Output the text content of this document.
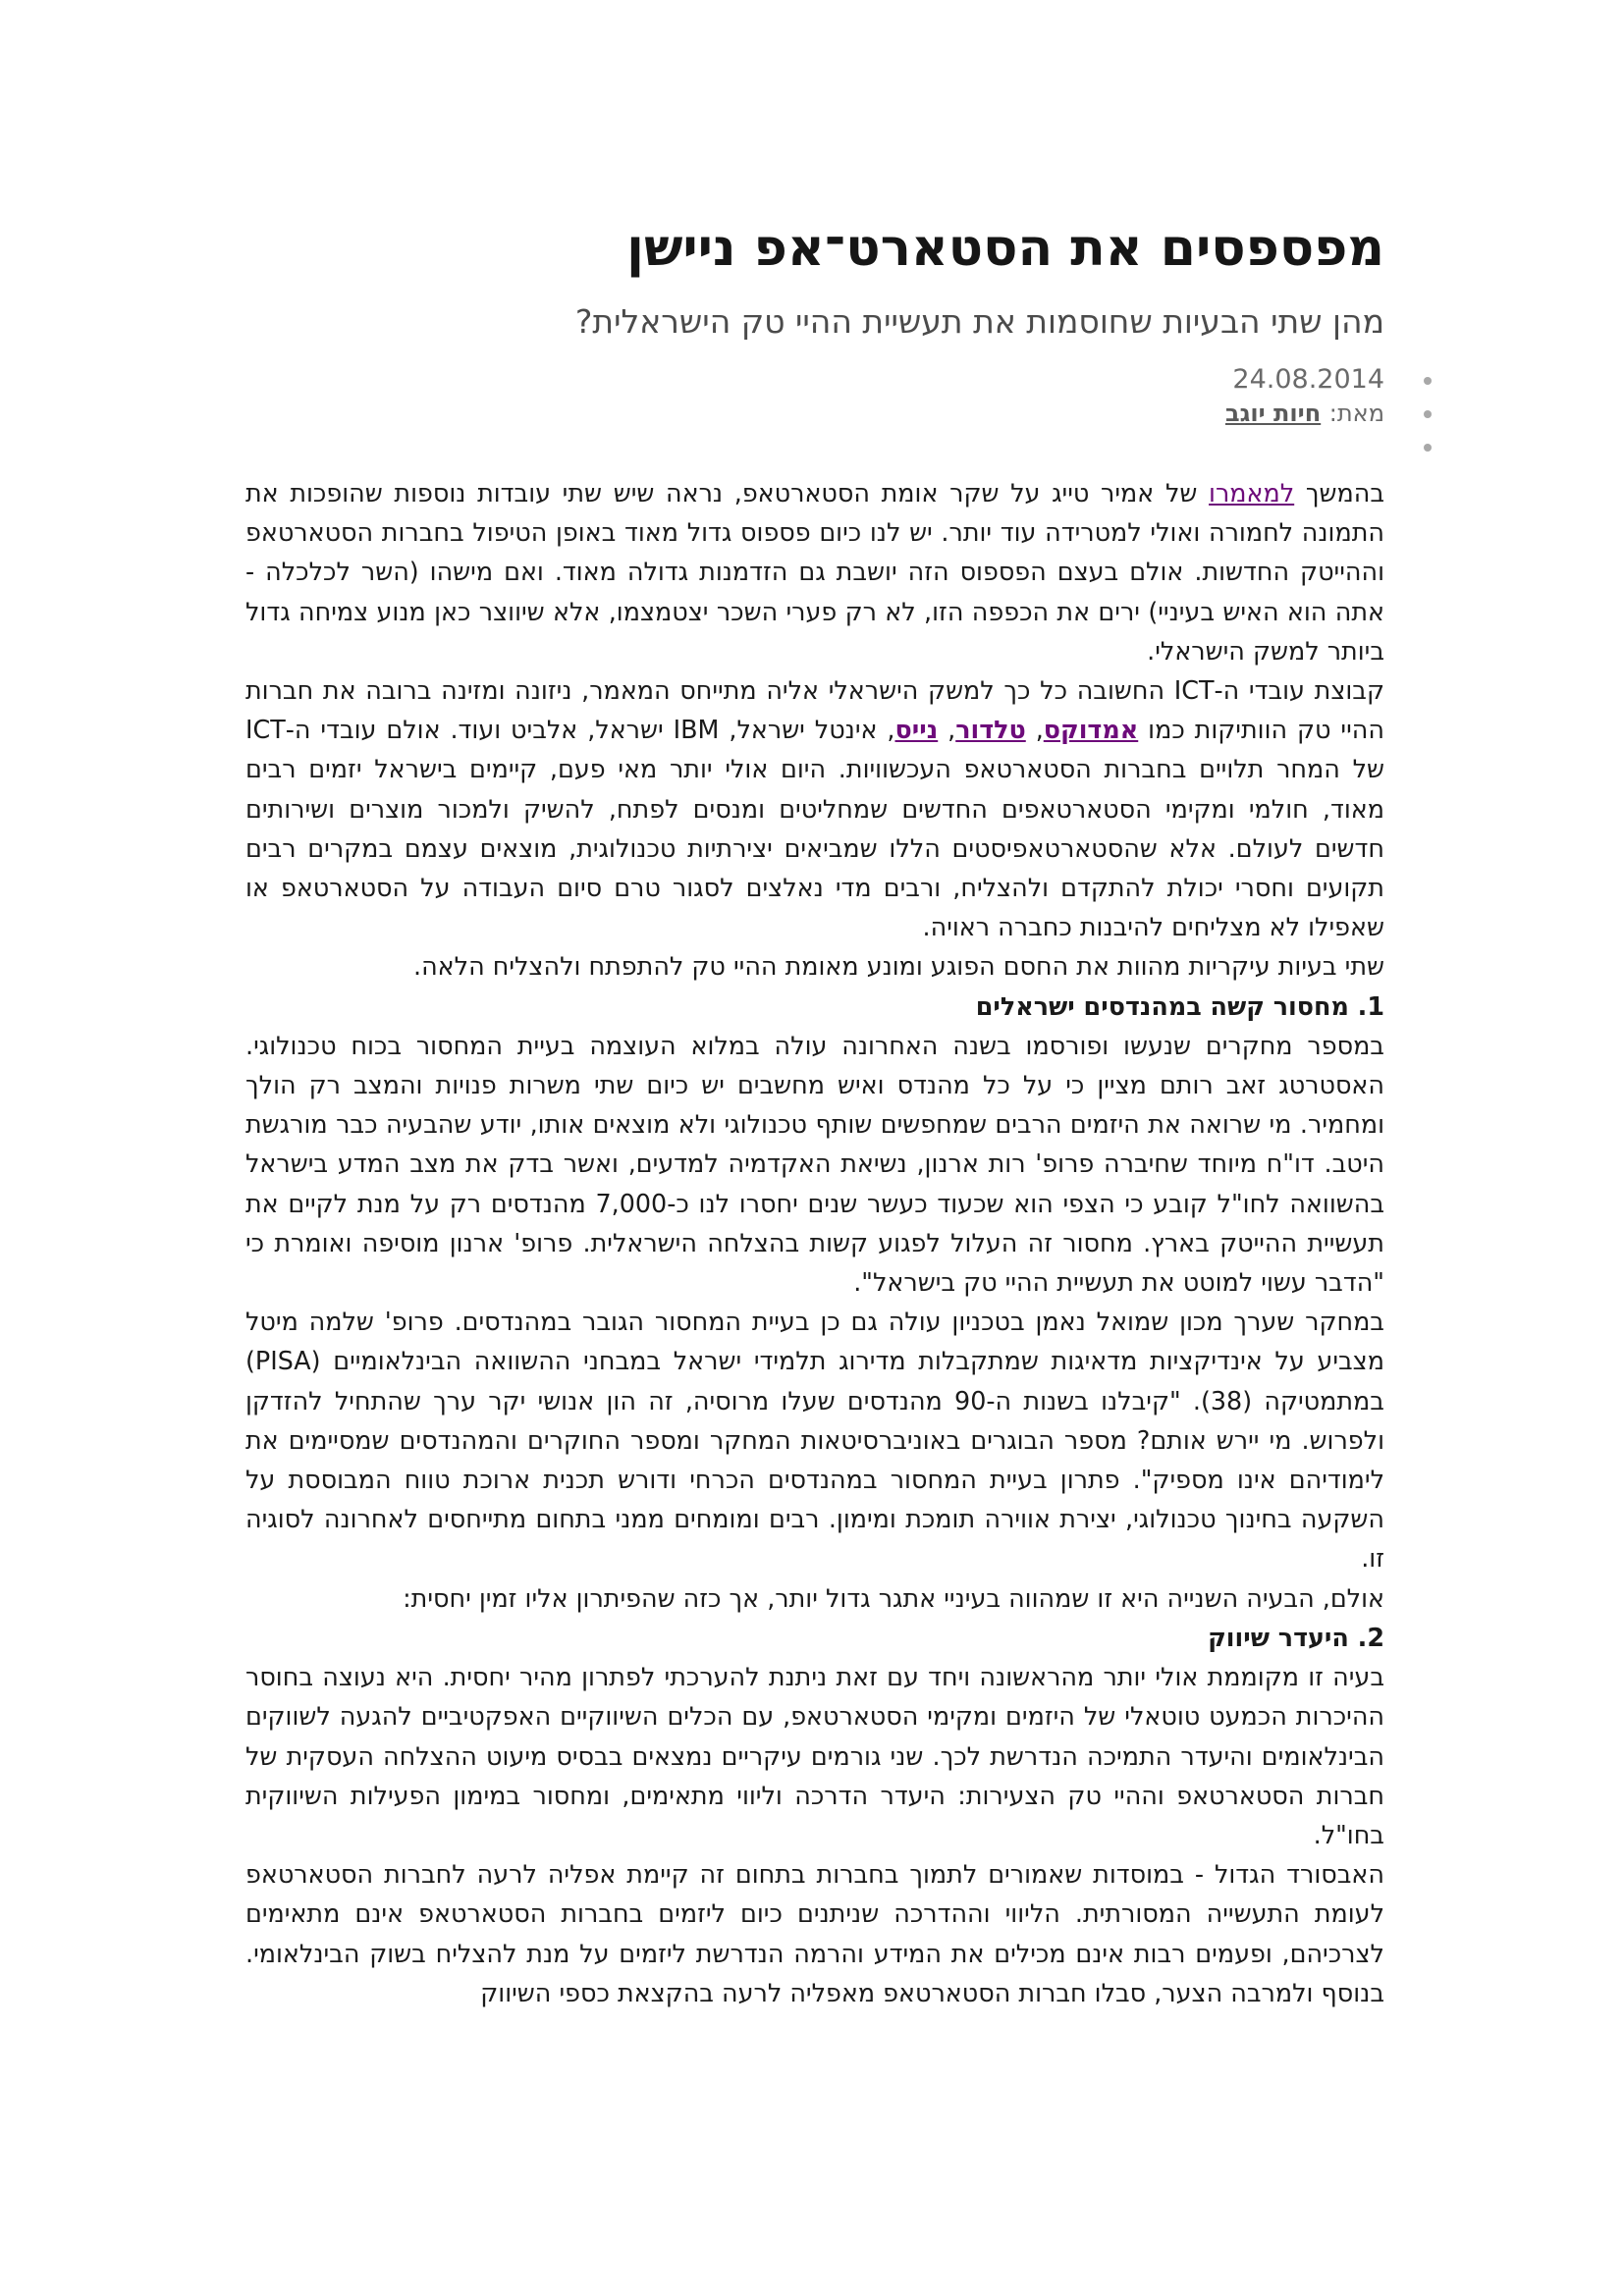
מפספסים את הסטארט־אפ ניישן
מהן שתי הבעיות שחוסמות את תעשיית ההיי טק הישראלית?
24.08.2014
מאת: חיות יוגב

בהמשך למאמרו של אמיר טייג על שקר אומת הסטארטאפ, נראה שיש שתי עובדות נוספות שהופכות את התמונה לחמורה ואולי למטרידה עוד יותר. יש לנו כיום פספוס גדול מאוד באופן הטיפול בחברות הסטארטאפ וההייטק החדשות. אולם בעצם הפספוס הזה יושבת גם הזדמנות גדולה מאוד. ואם מישהו (השר לכלכלה - אתה הוא האיש בעיניי) ירים את הכפפה הזו, לא רק פערי השכר יצטמצמו, אלא שיווצר כאן מנוע צמיחה גדול ביותר למשק הישראלי.

קבוצת עובדי ה-ICT החשובה כל כך למשק הישראלי אליה מתייחס המאמר, ניזונה ומזינה ברובה את חברות ההיי טק הוותיקות כמו אמדוקס, טלדור, נייס, אינטל ישראל, IBM ישראל, אלביט ועוד. אולם עובדי ה-ICT של המחר תלויים בחברות הסטארטאפ העכשוויות. היום אולי יותר מאי פעם, קיימים בישראל יזמים רבים מאוד, חולמי ומקימי הסטארטאפים החדשים שמחליטים ומנסים לפתח, להשיק ולמכור מוצרים ושירותים חדשים לעולם. אלא שהסטארטאפיסטים הללו שמביאים יצירתיות טכנולוגית, מוצאים עצמם במקרים רבים תקועים וחסרי יכולת להתקדם ולהצליח, ורבים מדי נאלצים לסגור טרם סיום העבודה על הסטארטאפ או שאפילו לא מצליחים להיבנות כחברה ראויה.

שתי בעיות עיקריות מהוות את החסם הפוגע ומונע מאומת ההיי טק להתפתח ולהצליח הלאה.

1. מחסור קשה במהנדסים ישראלים

במספר מחקרים שנעשו ופורסמו בשנה האחרונה עולה במלוא העוצמה בעיית המחסור בכוח טכנולוגי. האסטרטג זאב רותם מציין כי על כל מהנדס ואיש מחשבים יש כיום שתי משרות פנויות והמצב רק הולך ומחמיר. מי שרואה את היזמים הרבים שמחפשים שותף טכנולוגי ולא מוצאים אותו, יודע שהבעיה כבר מורגשת היטב. דו"ח מיוחד שחיברה פרופ' רות ארנון, נשיאת האקדמיה למדעים, ואשר בדק את מצב המדע בישראל בהשוואה לחו"ל קובע כי הצפי הוא שכעוד כעשר שנים יחסרו לנו כ-7,000 מהנדסים רק על מנת לקיים את תעשיית ההייטק בארץ. מחסור זה העלול לפגוע קשות בהצלחה הישראלית. פרופ' ארנון מוסיפה ואומרת כי "הדבר עשוי למוטט את תעשיית ההיי טק בישראל".

במחקר שערך מכון שמואל נאמן בטכניון עולה גם כן בעיית המחסור הגובר במהנדסים. פרופ' שלמה מיטל מצביע על אינדיקציות מדאיגות שמתקבלות מדירוג תלמידי ישראל במבחני ההשוואה הבינלאומיים (PISA) במתמטיקה (38). "קיבלנו בשנות ה-90 מהנדסים שעלו מרוסיה, זה הון אנושי יקר ערך שהתחיל להזדקן ולפרוש. מי יירש אותם? מספר הבוגרים באוניברסיטאות המחקר ומספר החוקרים והמהנדסים שמסיימים את לימודיהם אינו מספיק". פתרון בעיית המחסור במהנדסים הכרחי ודורש תכנית ארוכת טווח המבוססת על השקעה בחינוך טכנולוגי, יצירת אווירה תומכת ומימון. רבים ומומחים ממני בתחום מתייחסים לאחרונה לסוגיה זו.

אולם, הבעיה השנייה היא זו שמהווה בעיניי אתגר גדול יותר, אך כזה שהפיתרון אליו זמין יחסית:

2. היעדר שיווק

בעיה זו מקוממת אולי יותר מהראשונה ויחד עם זאת ניתנת להערכתי לפתרון מהיר יחסית. היא נעוצה בחוסר ההיכרות הכמעט טוטאלי של היזמים ומקימי הסטארטאפ, עם הכלים השיווקיים האפקטיביים להגעה לשווקים הבינלאומים והיעדר התמיכה הנדרשת לכך. שני גורמים עיקריים נמצאים בבסיס מיעוט ההצלחה העסקית של חברות הסטארטאפ וההיי טק הצעירות: היעדר הדרכה וליווי מתאימים, ומחסור במימון הפעילות השיווקית בחו"ל.

האבסורד הגדול - במוסדות שאמורים לתמוך בחברות בתחום זה קיימת אפליה לרעה לחברות הסטארטאפ לעומת התעשייה המסורתית. הליווי וההדרכה שניתנים כיום ליזמים בחברות הסטארטאפ אינם מתאימים לצרכיהם, ופעמים רבות אינם מכילים את המידע והרמה הנדרשת ליזמים על מנת להצליח בשוק הבינלאומי. בנוסף ולמרבה הצער, סבלו חברות הסטארטאפ מאפליה לרעה בהקצאת כספי השיווק
